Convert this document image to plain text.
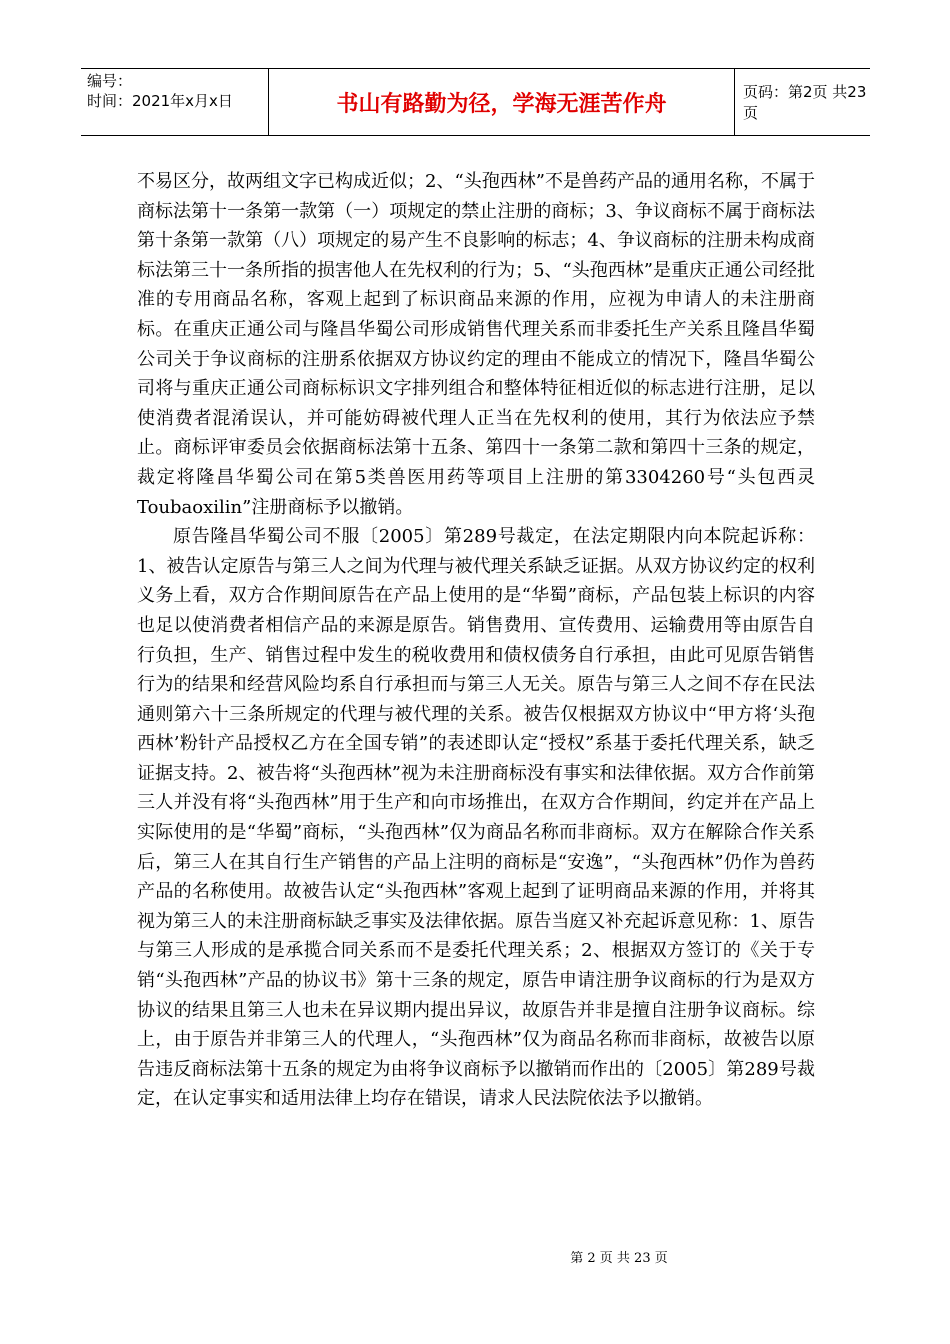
编号：
时间：2021年x月x日	书山有路勤为径，学海无涯苦作舟	页码：第2页 共23页

不易区分，故两组文字已构成近似；2、“头孢西林”不是兽药产品的通用名称，不属于商标法第十一条第一款第（一）项规定的禁止注册的商标；3、争议商标不属于商标法第十条第一款第（八）项规定的易产生不良影响的标志；4、争议商标的注册未构成商标法第三十一条所指的损害他人在先权利的行为；5、“头孢西林”是重庆正通公司经批准的专用商品名称，客观上起到了标识商品来源的作用，应视为申请人的未注册商标。在重庆正通公司与隆昌华蜀公司形成销售代理关系而非委托生产关系且隆昌华蜀公司关于争议商标的注册系依据双方协议约定的理由不能成立的情况下，隆昌华蜀公司将与重庆正通公司商标标识文字排列组合和整体特征相近似的标志进行注册，足以使消费者混淆误认，并可能妨碍被代理人正当在先权利的使用，其行为依法应予禁止。商标评审委员会依据商标法第十五条、第四十一条第二款和第四十三条的规定，裁定将隆昌华蜀公司在第5类兽医用药等项目上注册的第3304260号“头包西灵Toubaoxilin”注册商标予以撤销。

原告隆昌华蜀公司不服〔2005〕第289号裁定，在法定期限内向本院起诉称：1、被告认定原告与第三人之间为代理与被代理关系缺乏证据。从双方协议约定的权利义务上看，双方合作期间原告在产品上使用的是“华蜀”商标，产品包装上标识的内容也足以使消费者相信产品的来源是原告。销售费用、宣传费用、运输费用等由原告自行负担，生产、销售过程中发生的税收费用和债权债务自行承担，由此可见原告销售行为的结果和经营风险均系自行承担而与第三人无关。原告与第三人之间不存在民法通则第六十三条所规定的代理与被代理的关系。被告仅根据双方协议中“甲方将‘头孢西林’粉针产品授权乙方在全国专销”的表述即认定“授权”系基于委托代理关系，缺乏证据支持。2、被告将“头孢西林”视为未注册商标没有事实和法律依据。双方合作前第三人并没有将“头孢西林”用于生产和向市场推出，在双方合作期间，约定并在产品上实际使用的是“华蜀”商标，“头孢西林”仅为商品名称而非商标。双方在解除合作关系后，第三人在其自行生产销售的产品上注明的商标是“安逸”，“头孢西林”仍作为兽药产品的名称使用。故被告认定“头孢西林”客观上起到了证明商品来源的作用，并将其视为第三人的未注册商标缺乏事实及法律依据。原告当庭又补充起诉意见称：1、原告与第三人形成的是承揽合同关系而不是委托代理关系；2、根据双方签订的《关于专销“头孢西林”产品的协议书》第十三条的规定，原告申请注册争议商标的行为是双方协议的结果且第三人也未在异议期内提出异议，故原告并非是擅自注册争议商标。综上，由于原告并非第三人的代理人，“头孢西林”仅为商品名称而非商标，故被告以原告违反商标法第十五条的规定为由将争议商标予以撤销而作出的〔2005〕第289号裁定，在认定事实和适用法律上均存在错误，请求人民法院依法予以撤销。

第 2 页 共 23 页
